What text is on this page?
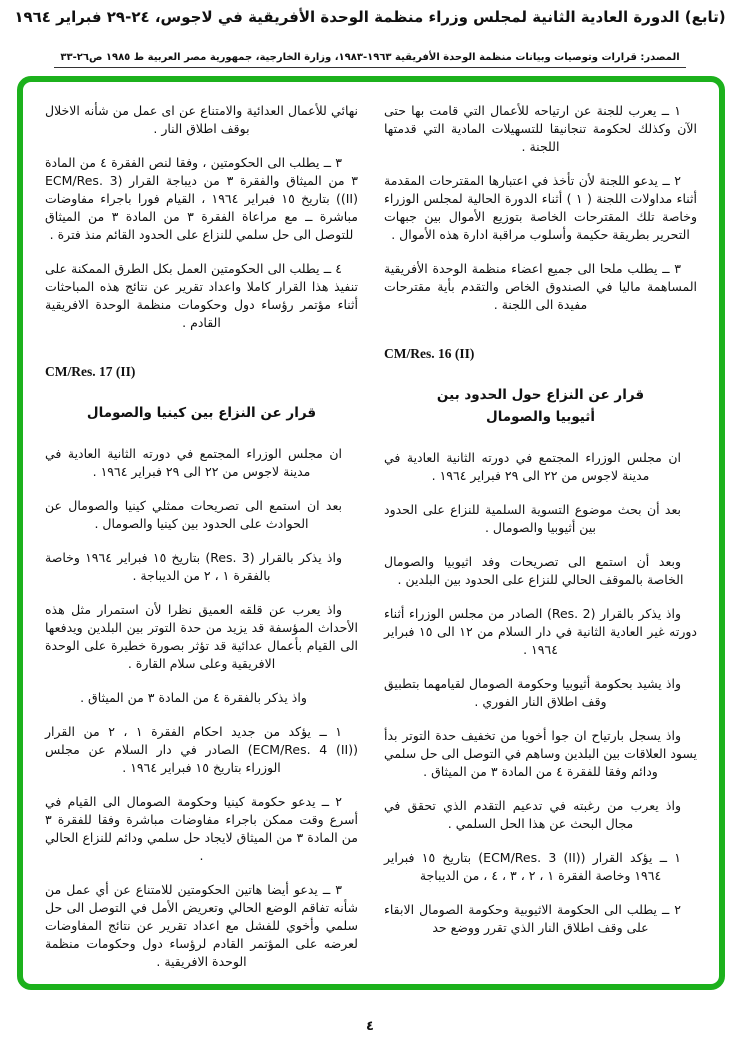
(تابع) الدورة العادية الثانية لمجلس وزراء منظمة الوحدة الأفريقية في لاجوس، ٢٤-٢٩ فبراير ١٩٦٤

المصدر: قرارات وتوصيات وبيانات منظمة الوحدة الأفريقية ١٩٦٣-١٩٨٣، وزارة الخارجية، جمهورية مصر العربية ط ١٩٨٥ ص٢٦-٣٣

١ ــ يعرب للجنة عن ارتياحه للأعمال التي قامت بها حتى الآن وكذلك لحكومة تنجانيقا للتسهيلات المادية التي قدمتها اللجنة .

٢ ــ يدعو اللجنة لأن تأخذ في اعتبارها المقترحات المقدمة أثناء مداولات اللجنة ( ١ ) أثناء الدورة الحالية لمجلس الوزراء وخاصة تلك المقترحات الخاصة بتوزيع الأموال بين جبهات التحرير بطريقة حكيمة وأسلوب مراقبة ادارة هذه الأموال .

٣ ــ يطلب ملحا الى جميع اعضاء منظمة الوحدة الأفريقية المساهمة ماليا في الصندوق الخاص والتقدم بأية مقترحات مفيدة الى اللجنة .

CM/Res. 16 (II)

قرار عن النزاع حول الحدود بين
أثيوبيا والصومال

ان مجلس الوزراء المجتمع في دورته الثانية العادية في مدينة لاجوس من ٢٢ الى ٢٩ فبراير ١٩٦٤ .

بعد أن بحث موضوع التسوية السلمية للنزاع على الحدود بين أثيوبيا والصومال .

وبعد أن استمع الى تصريحات وفد اثيوبيا والصومال الخاصة بالموقف الحالي للنزاع على الحدود بين البلدين .

واذ يذكر بالقرار (Res. 2) الصادر من مجلس الوزراء أثناء دورته غير العادية الثانية في دار السلام من ١٢ الى ١٥ فبراير ١٩٦٤ .

واذ يشيد بحكومة أثيوبيا وحكومة الصومال لقيامهما بتطبيق وقف اطلاق النار الفوري .

واذ يسجل بارتياح ان جوا أخويا من تخفيف حدة التوتر بدأ يسود العلاقات بين البلدين وساهم في التوصل الى حل سلمي ودائم وفقا للفقرة ٤ من المادة ٣ من الميثاق .

واذ يعرب من رغبته في تدعيم التقدم الذي تحقق في مجال البحث عن هذا الحل السلمي .

١ ــ يؤكد القرار (ECM/Res. 3 (II)) بتاريخ ١٥ فبراير ١٩٦٤ وخاصة الفقرة ١ ، ٢ ، ٣ ، ٤ ، من الديباجة

٢ ــ يطلب الى الحكومة الاثيوبية وحكومة الصومال الابقاء على وقف اطلاق النار الذي تقرر ووضع حد

نهائي للأعمال العدائية والامتناع عن اى عمل من شأنه الاخلال بوقف اطلاق النار .

٣ ــ يطلب الى الحكومتين ، وفقا لنص الفقرة ٤ من المادة ٣ من الميثاق والفقرة ٣ من ديباجة القرار (ECM/Res. 3 (II)) بتاريخ ١٥ فبراير ١٩٦٤ ، القيام فورا باجراء مفاوضات مباشرة ــ مع مراعاة الفقرة ٣ من المادة ٣ من الميثاق للتوصل الى حل سلمي للنزاع على الحدود القائم منذ فترة .

٤ ــ يطلب الى الحكومتين العمل بكل الطرق الممكنة على تنفيذ هذا القرار كاملا واعداد تقرير عن نتائج هذه المباحثات أثناء مؤتمر رؤساء دول وحكومات منظمة الوحدة الافريقية القادم .

CM/Res. 17 (II)

قرار عن النزاع بين كينيا والصومال

ان مجلس الوزراء المجتمع في دورته الثانية العادية في مدينة لاجوس من ٢٢ الى ٢٩ فبراير ١٩٦٤ .

بعد ان استمع الى تصريحات ممثلي كينيا والصومال عن الحوادث على الحدود بين كينيا والصومال .

واذ يذكر بالقرار (Res. 3) بتاريخ ١٥ فبراير ١٩٦٤ وخاصة بالفقرة ١ ، ٢ من الديباجة .

واذ يعرب عن قلقه العميق نظرا لأن استمرار مثل هذه الأحداث المؤسفة قد يزيد من حدة التوتر بين البلدين ويدفعها الى القيام بأعمال عدائية قد تؤثر بصورة خطيرة على الوحدة الافريقية وعلى سلام القارة .

واذ يذكر بالفقرة ٤ من المادة ٣ من الميثاق .

١ ــ يؤكد من جديد احكام الفقرة ١ ، ٢ من القرار (ECM/Res. 4 (II)) الصادر في دار السلام عن مجلس الوزراء بتاريخ ١٥ فبراير ١٩٦٤ .

٢ ــ يدعو حكومة كينيا وحكومة الصومال الى القيام في أسرع وقت ممكن باجراء مفاوضات مباشرة وفقا للفقرة ٣ من المادة ٣ من الميثاق لايجاد حل سلمي ودائم للنزاع الحالي .

٣ ــ يدعو أيضا هاتين الحكومتين للامتناع عن أي عمل من شأنه تفاقم الوضع الحالي وتعريض الأمل في التوصل الى حل سلمي وأخوي للفشل مع اعداد تقرير عن نتائج المفاوضات لعرضه على المؤتمر القادم لرؤساء دول وحكومات منظمة الوحدة الافريقية .

٤
